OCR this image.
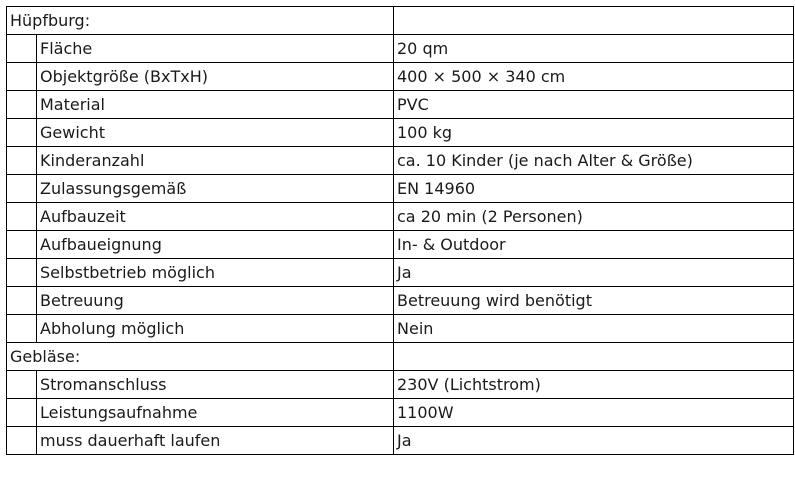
Hüpfburg:		
	Fläche	20 qm
	Objektgröße (BxTxH)	400 × 500 × 340 cm
	Material	PVC
	Gewicht	100 kg
	Kinderanzahl	ca. 10 Kinder (je nach Alter & Größe)
	Zulassungsgemäß	EN 14960
	Aufbauzeit	ca 20 min (2 Personen)
	Aufbaueignung	In- & Outdoor
	Selbstbetrieb möglich	Ja
	Betreuung	Betreuung wird benötigt
	Abholung möglich	Nein
Gebläse:		
	Stromanschluss	230V (Lichtstrom)
	Leistungsaufnahme	1100W
	muss dauerhaft laufen	Ja
